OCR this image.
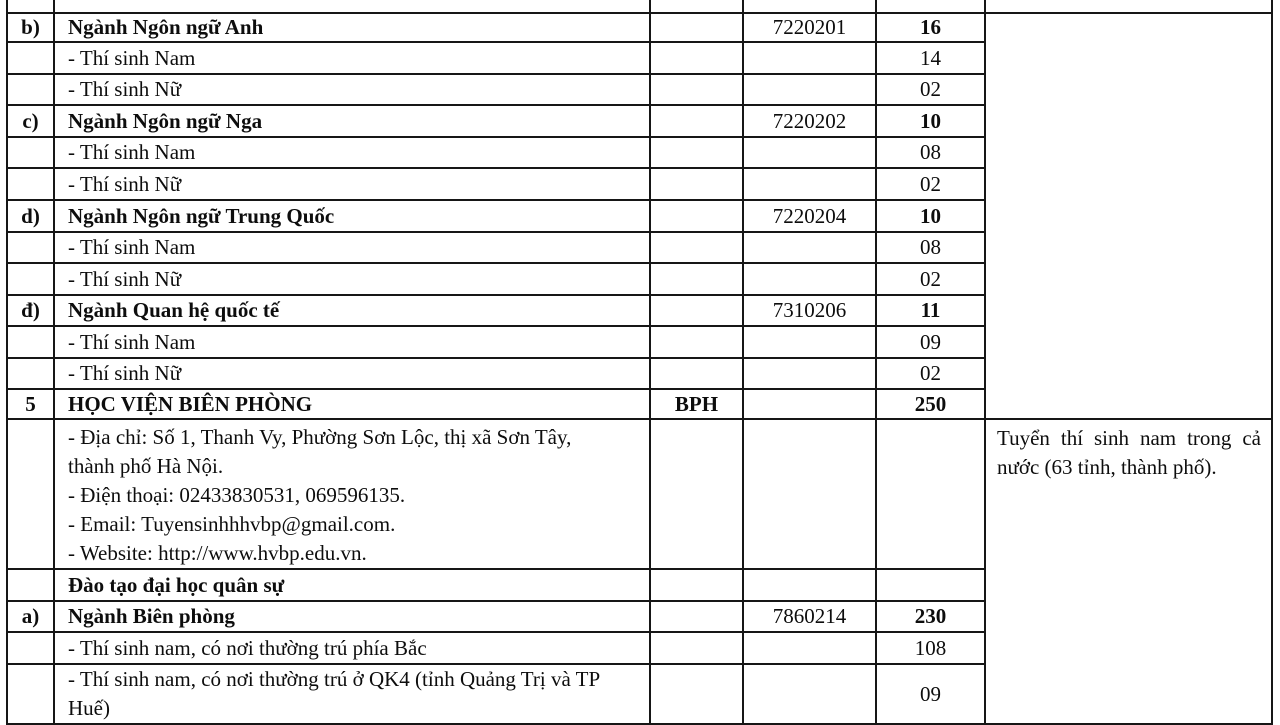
b)	Ngành Ngôn ngữ Anh		7220201	16	

	- Thí sinh Nam			14	
	- Thí sinh Nữ			02	
c)	Ngành Ngôn ngữ Nga		7220202	10	
	- Thí sinh Nam			08	
	- Thí sinh Nữ			02	
d)	Ngành Ngôn ngữ Trung Quốc		7220204	10	
	- Thí sinh Nam			08	
	- Thí sinh Nữ			02	
đ)	Ngành Quan hệ quốc tế		7310206	11	
	- Thí sinh Nam			09	
	- Thí sinh Nữ			02	
5	HỌC VIỆN BIÊN PHÒNG	BPH		250	

	- Địa chỉ: Số 1, Thanh Vy, Phường Sơn Lộc, thị xã Sơn Tây, thành phố Hà Nội.
- Điện thoại: 02433830531, 069596135.
- Email: Tuyensinhhhvbp@gmail.com.
- Website: http://www.hvbp.edu.vn.				Tuyển thí sinh nam trong cả nước (63 tỉnh, thành phố).

	Đào tạo đại học quân sự				
a)	Ngành Biên phòng		7860214	230	
	- Thí sinh nam, có nơi thường trú phía Bắc			108	
	- Thí sinh nam, có nơi thường trú ở QK4 (tỉnh Quảng Trị và TP Huế)			09	
